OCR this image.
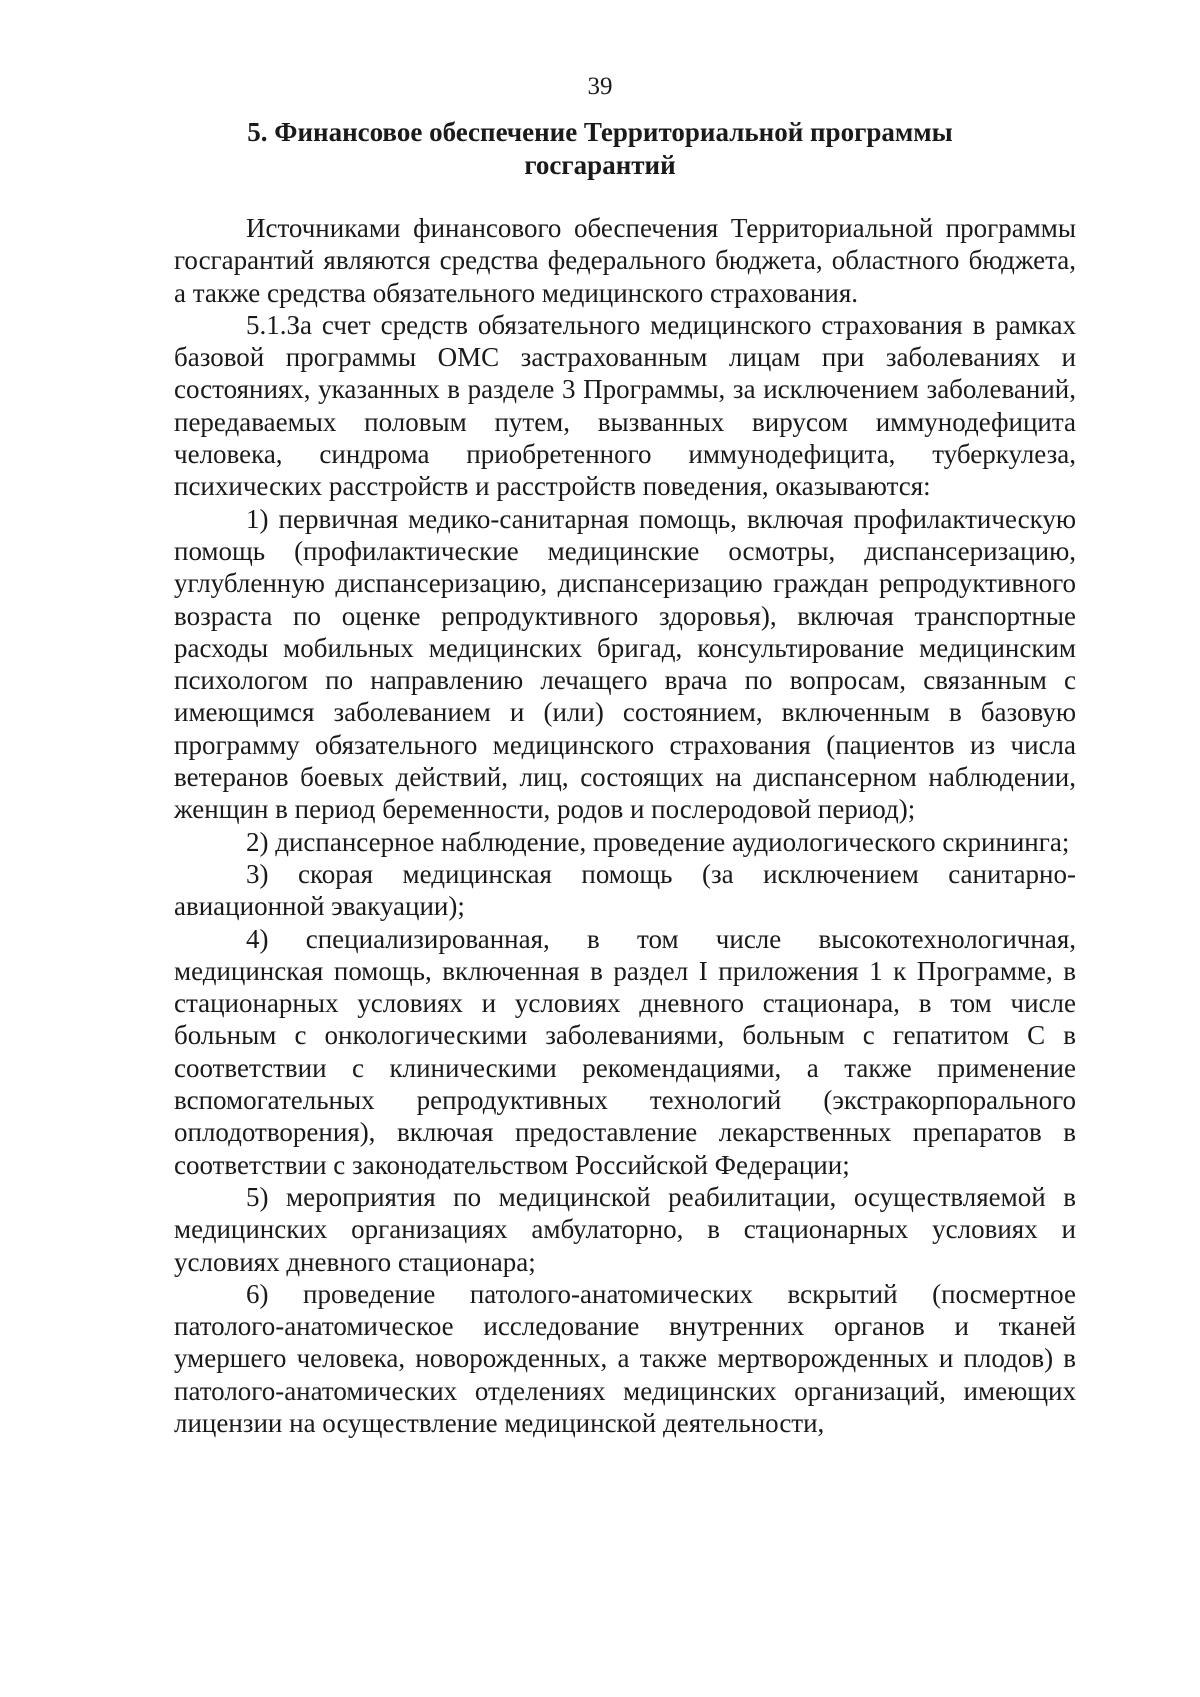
39
5. Финансовое обеспечение Территориальной программы
госгарантий

Источниками финансового обеспечения Территориальной программы госгарантий являются средства федерального бюджета, областного бюджета, а также средства обязательного медицинского страхования.

5.1.За счет средств обязательного медицинского страхования в рамках базовой программы ОМС застрахованным лицам при заболеваниях и состояниях, указанных в разделе 3 Программы, за исключением заболеваний, передаваемых половым путем, вызванных вирусом иммунодефицита человека, синдрома приобретенного иммунодефицита, туберкулеза, психических расстройств и расстройств поведения, оказываются:

1) первичная медико-санитарная помощь, включая профилактическую помощь (профилактические медицинские осмотры, диспансеризацию, углубленную диспансеризацию, диспансеризацию граждан репродуктивного возраста по оценке репродуктивного здоровья), включая транспортные расходы мобильных медицинских бригад, консультирование медицинским психологом по направлению лечащего врача по вопросам, связанным с имеющимся заболеванием и (или) состоянием, включенным в базовую программу обязательного медицинского страхования (пациентов из числа ветеранов боевых действий, лиц, состоящих на диспансерном наблюдении, женщин в период беременности, родов и послеродовой период);

2) диспансерное наблюдение, проведение аудиологического скрининга;

3) скорая медицинская помощь (за исключением санитарно-авиационной эвакуации);

4) специализированная, в том числе высокотехнологичная, медицинская помощь, включенная в раздел I приложения 1 к Программе, в стационарных условиях и условиях дневного стационара, в том числе больным с онкологическими заболеваниями, больным с гепатитом С в соответствии с клиническими рекомендациями, а также применение вспомогательных репродуктивных технологий (экстракорпорального оплодотворения), включая предоставление лекарственных препаратов в соответствии с законодательством Российской Федерации;

5) мероприятия по медицинской реабилитации, осуществляемой в медицинских организациях амбулаторно, в стационарных условиях и условиях дневного стационара;

6) проведение патолого-анатомических вскрытий (посмертное патолого-анатомическое исследование внутренних органов и тканей умершего человека, новорожденных, а также мертворожденных и плодов) в патолого-анатомических отделениях медицинских организаций, имеющих лицензии на осуществление медицинской деятельности,
